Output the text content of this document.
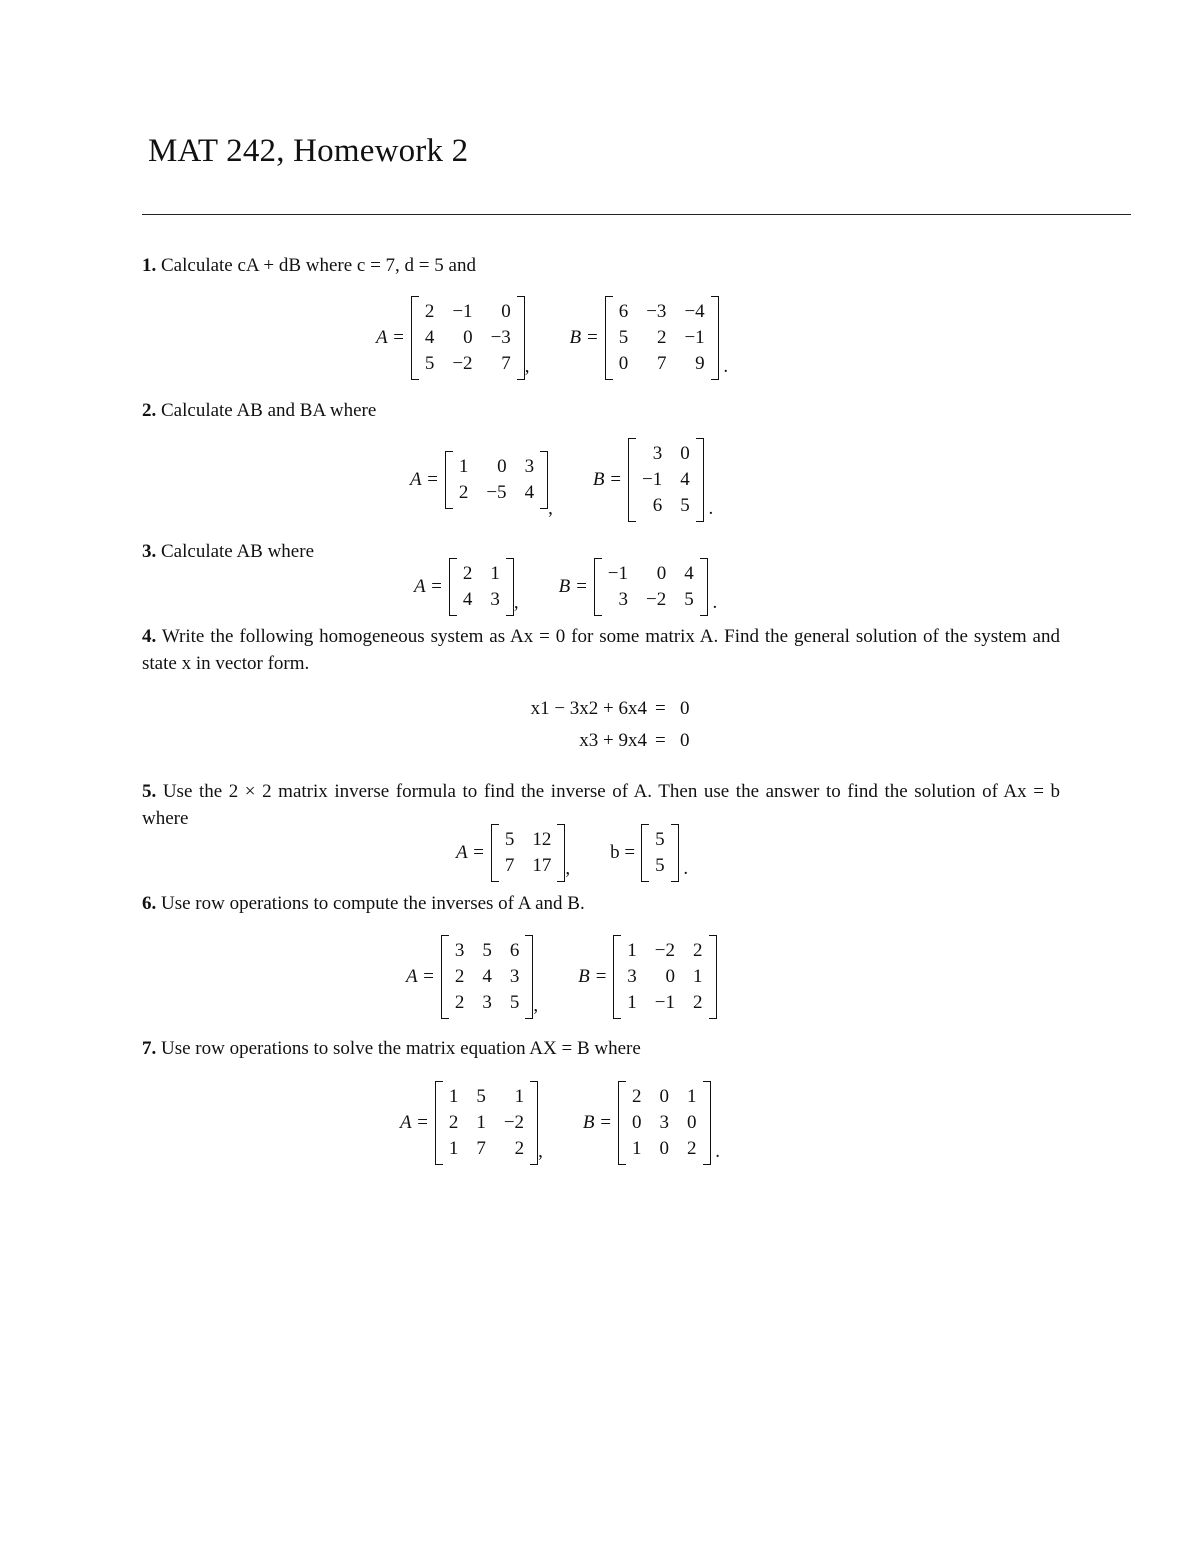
MAT 242, Homework 2
1. Calculate cA + dB where c = 7, d = 5 and
A =
2 −1	0
4	0 −3
5 −2	7 ,
B =
6 −3 −4
5	2 −1
0	7	9 .
2. Calculate AB and BA where
A =
1	0 3
2 −5 4
,
B =
3 0
−1 4
6 5 .
3. Calculate AB where
A =
2 1
4 3 ,
B =
−1	0 4
3 −2 5 .
4. Write the following homogeneous system as Ax = 0 for some matrix A. Find the general solution of the system and state x in vector form.
x1 − 3x2 + 6x4 =   0
x3 + 9x4 =   0
5. Use the 2 × 2 matrix inverse formula to find the inverse of A. Then use the answer to find the solution of Ax = b where
A =
5 12
7 17 ,
b =
5
5 .
6. Use row operations to compute the inverses of A and B.
A =
3 5 6
2 4 3
2 3 5 ,
B =
1 −2 2
3	0 1
1 −1 2
7. Use row operations to solve the matrix equation AX = B where
A =
1 5	1
2 1 −2
1 7	2 ,
B =
2 0 1
0 3 0
1 0 2 .
